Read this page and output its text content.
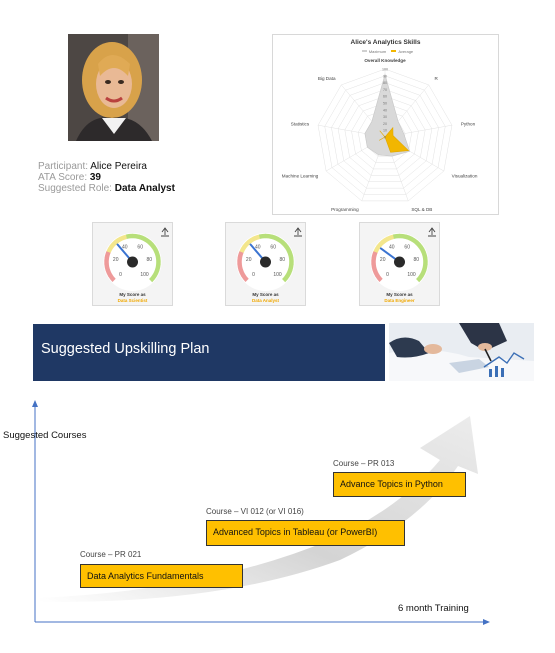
Participant: Alice Pereira
ATA Score: 39
Suggested Role: Data Analyst
Alice's Analytics Skills
Maximum	Average
100
90
80
70
60
50
40
30
20
10
0
Overall Knowledge
R
Python
Visualization
SQL & DB
Programming
Machine Learning
Statistics
Big Data
0
20
40 60
80
100
My Score as
Data Scientist
0
20
40 60
80
100
My Score as
Data Analyst
0
20
40 60
80
100
My Score as
Data Engineer
Suggested Upskilling Plan
Suggested Courses
6 month Training
Course – PR 021
Data Analytics Fundamentals
Course – VI 012 (or VI 016)
Advanced Topics in Tableau (or PowerBI)
Course – PR 013
Advance Topics in Python
